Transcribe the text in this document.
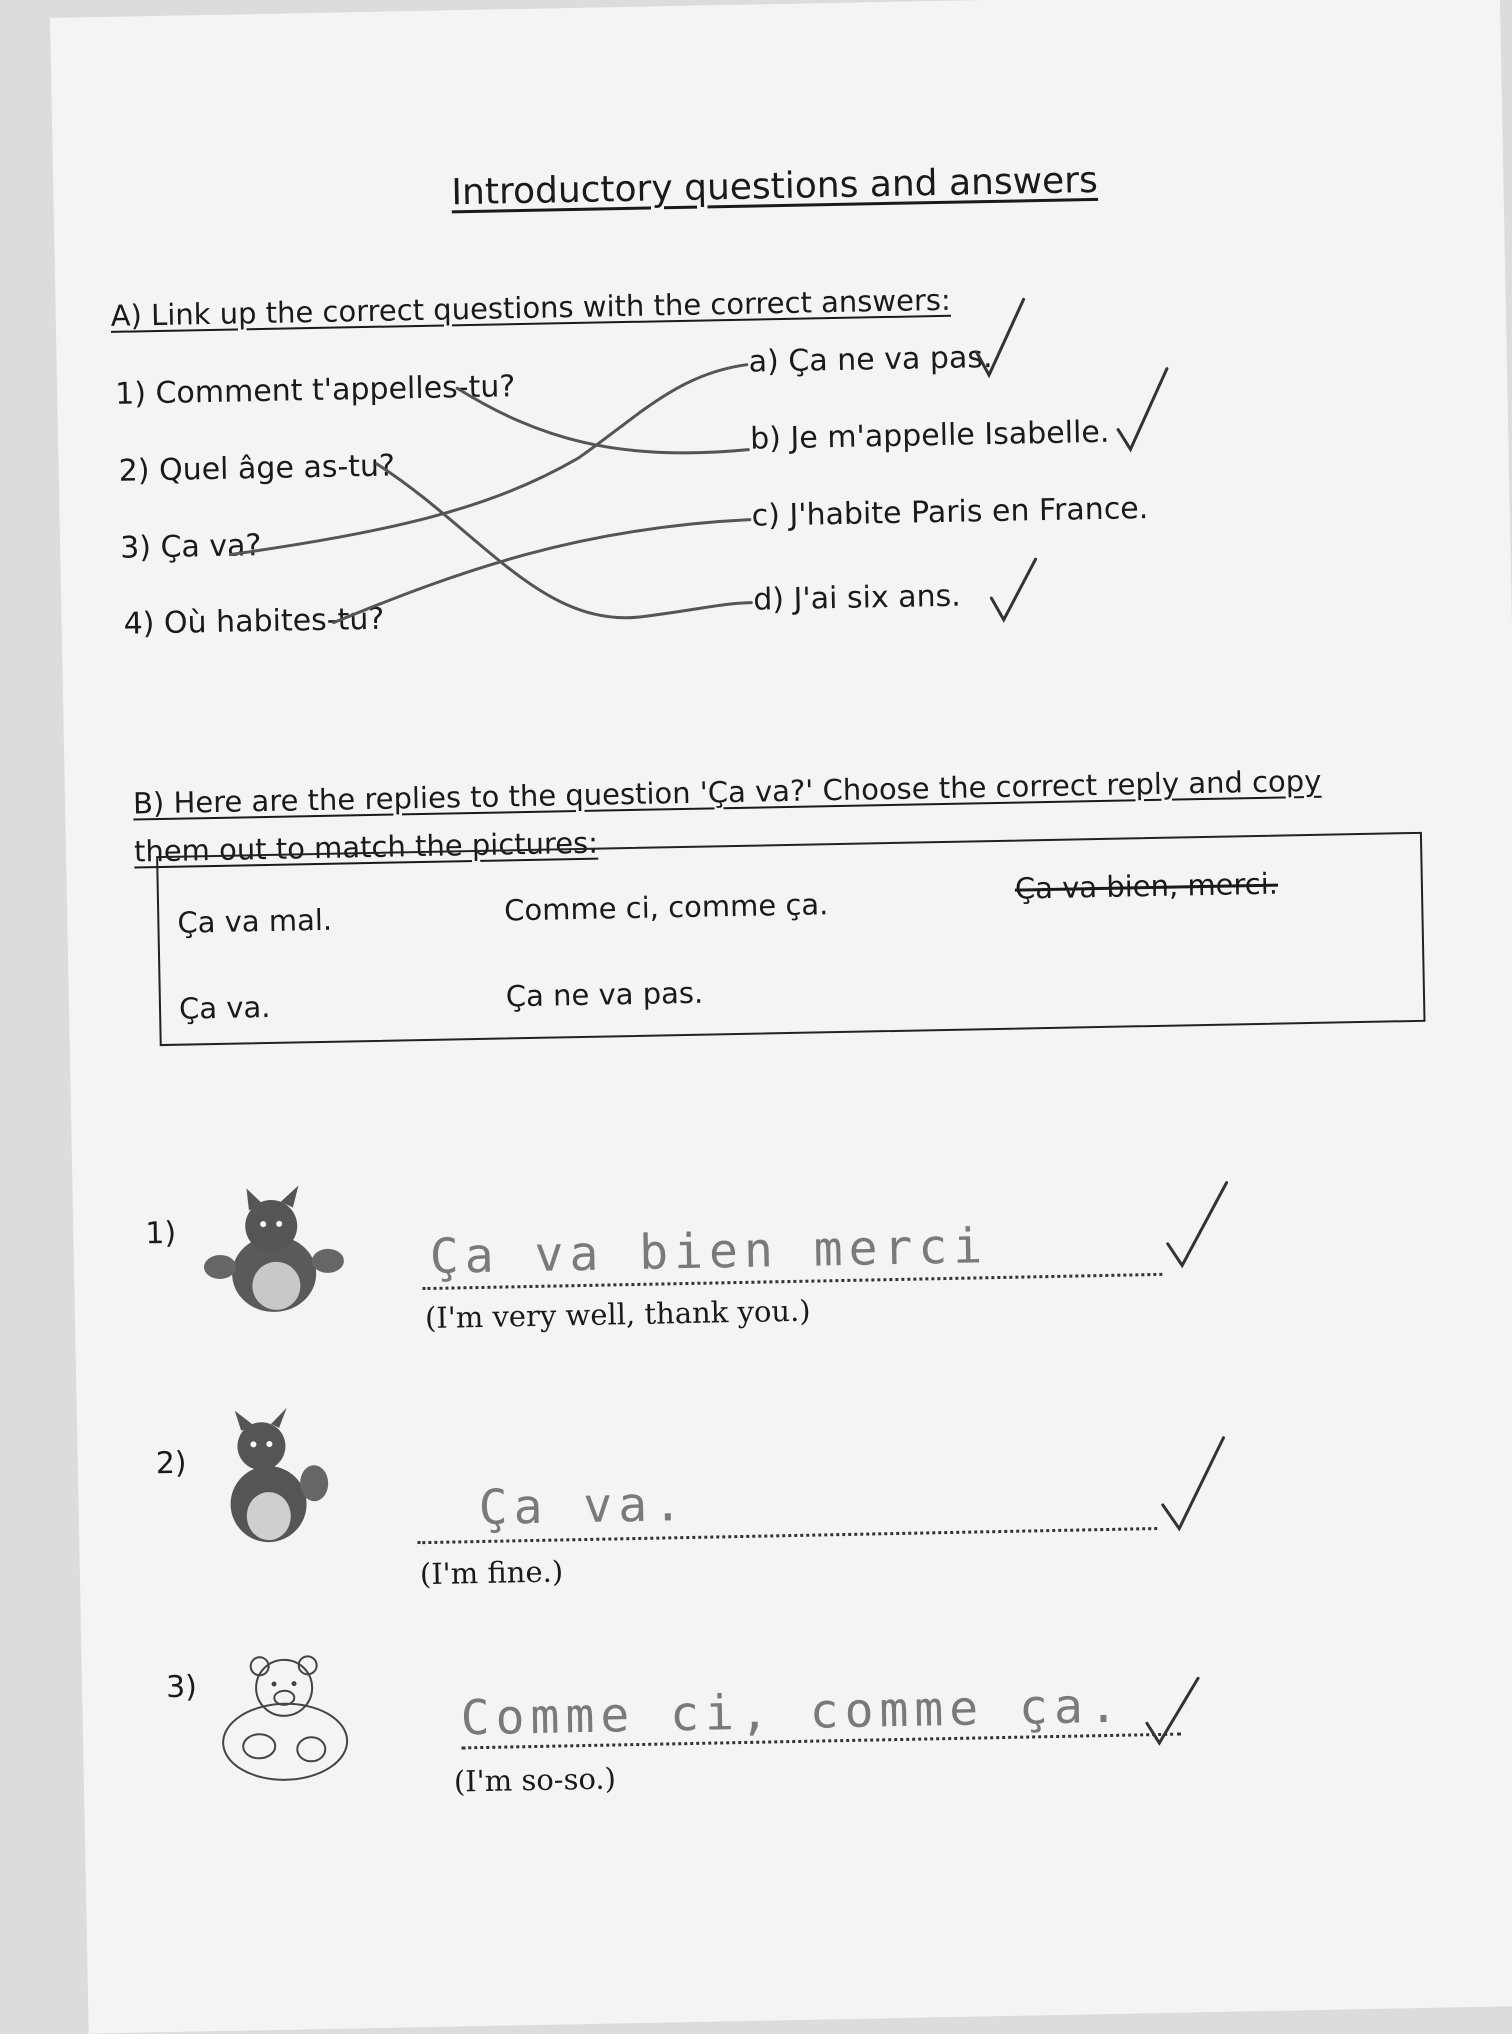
Introductory questions and answers
A) Link up the correct questions with the correct answers:
1) Comment t'appelles-tu?
2) Quel âge as-tu?
3) Ça va?
4) Où habites-tu?
a) Ça ne va pas.
b) Je m'appelle Isabelle.
c) J'habite Paris en France.
d) J'ai six ans.
B) Here are the replies to the question 'Ça va?' Choose the correct reply and copy
them out to match the pictures:
Ça va mal.	Comme ci, comme ça.
Ça va bien, merci.
Ça va.	Ça ne va pas.
1)	Ça va bien merci
(I'm very well, thank you.)
2)
Ça va.
(I'm fine.)
3)	Comme ci, comme ça.
(I'm so-so.)
